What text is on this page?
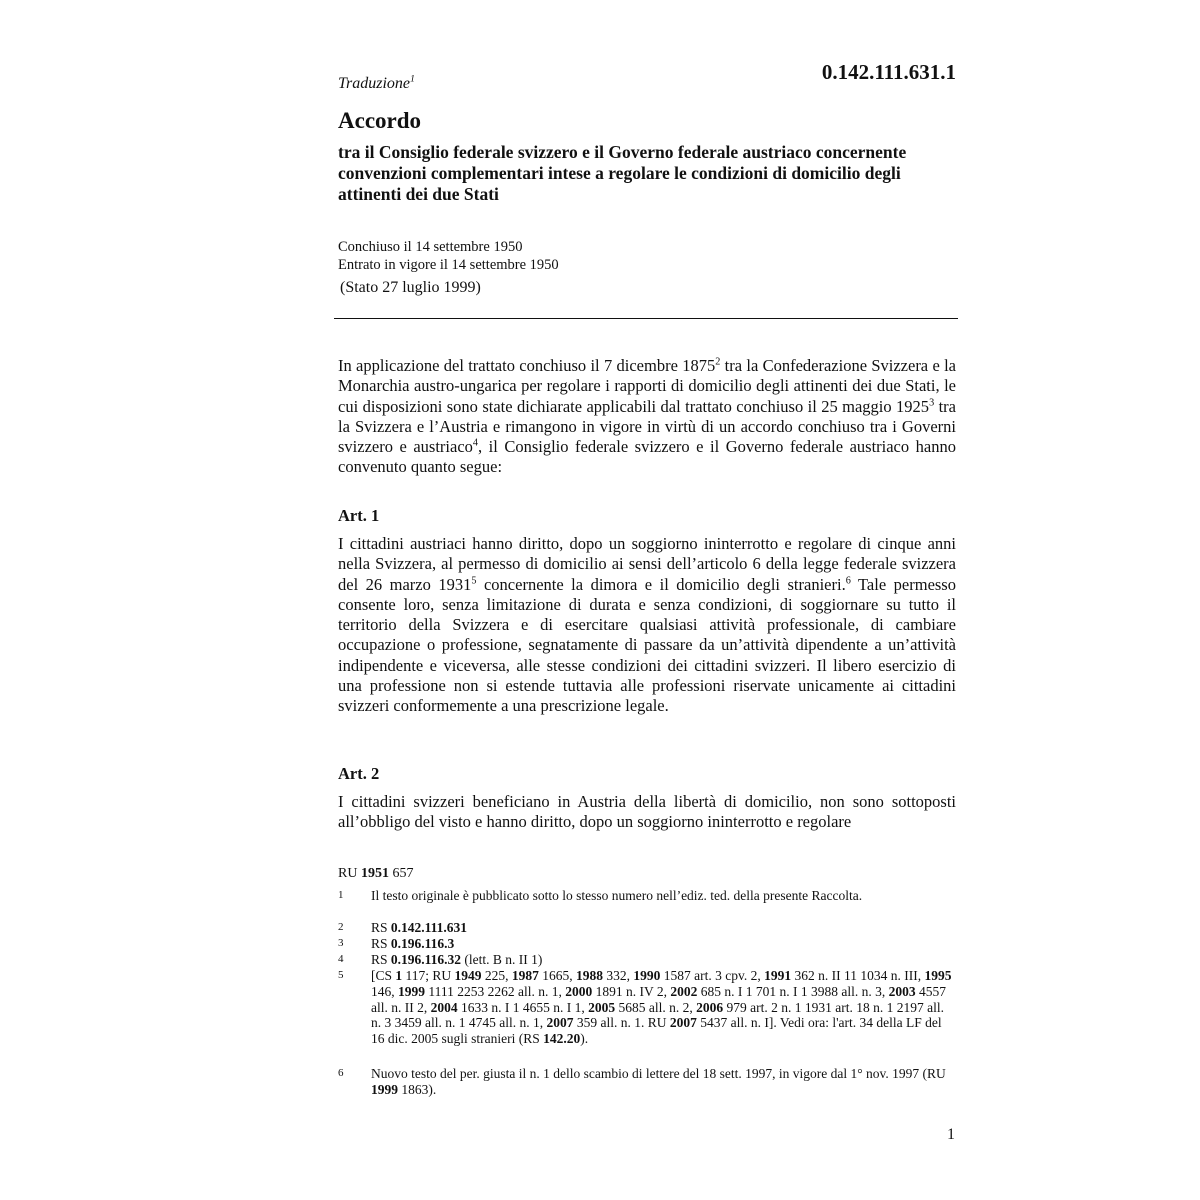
Traduzione$^1$	0.142.111.631.1
Accordo
tra il Consiglio federale svizzero e il Governo federale austriaco concernente convenzioni complementari intese a regolare le condizioni di domicilio degli attinenti dei due Stati
Conchiuso il 14 settembre 1950
Entrato in vigore il 14 settembre 1950
(Stato 27 luglio 1999)
In applicazione del trattato conchiuso il 7 dicembre 1875$^2$ tra la Confederazione Svizzera e la Monarchia austro-ungarica per regolare i rapporti di domicilio degli attinenti dei due Stati, le cui disposizioni sono state dichiarate applicabili dal trattato conchiuso il 25 maggio 1925$^3$ tra la Svizzera e l’Austria e rimangono in vigore in virtù di un accordo conchiuso tra i Governi svizzero e austriaco$^4$, il Consiglio federale svizzero e il Governo federale austriaco hanno convenuto quanto segue:
Art. 1
I cittadini austriaci hanno diritto, dopo un soggiorno ininterrotto e regolare di cinque anni nella Svizzera, al permesso di domicilio ai sensi dell’articolo 6 della legge federale svizzera del 26 marzo 1931$^5$ concernente la dimora e il domicilio degli stranieri.$^6$ Tale permesso consente loro, senza limitazione di durata e senza condizioni, di soggiornare su tutto il territorio della Svizzera e di esercitare qualsiasi attività professionale, di cambiare occupazione o professione, segnatamente di passare da un’attività dipendente a un’attività indipendente e viceversa, alle stesse condizioni dei cittadini svizzeri. Il libero esercizio di una professione non si estende tuttavia alle professioni riservate unicamente ai cittadini svizzeri conformemente a una prescrizione legale.
Art. 2
I cittadini svizzeri beneficiano in Austria della libertà di domicilio, non sono sottoposti all’obbligo del visto e hanno diritto, dopo un soggiorno ininterrotto e regolare
RU 1951 657
1	Il testo originale è pubblicato sotto lo stesso numero nell’ediz. ted. della presente Raccolta.
2	RS 0.142.111.631
3	RS 0.196.116.3
4	RS 0.196.116.32 (lett. B n. II 1)
5	[CS 1 117; RU 1949 225, 1987 1665, 1988 332, 1990 1587 art. 3 cpv. 2, 1991 362 n. II 11 1034 n. III, 1995 146, 1999 1111 2253 2262 all. n. 1, 2000 1891 n. IV 2, 2002 685 n. I 1 701 n. I 1 3988 all. n. 3, 2003 4557 all. n. II 2, 2004 1633 n. I 1 4655 n. I 1, 2005 5685 all. n. 2, 2006 979 art. 2 n. 1 1931 art. 18 n. 1 2197 all. n. 3 3459 all. n. 1 4745 all. n. 1, 2007 359 all. n. 1. RU 2007 5437 all. n. I]. Vedi ora: l'art. 34 della LF del 16 dic. 2005 sugli stranieri (RS 142.20).
6	Nuovo testo del per. giusta il n. 1 dello scambio di lettere del 18 sett. 1997, in vigore dal 1° nov. 1997 (RU 1999 1863).
1
